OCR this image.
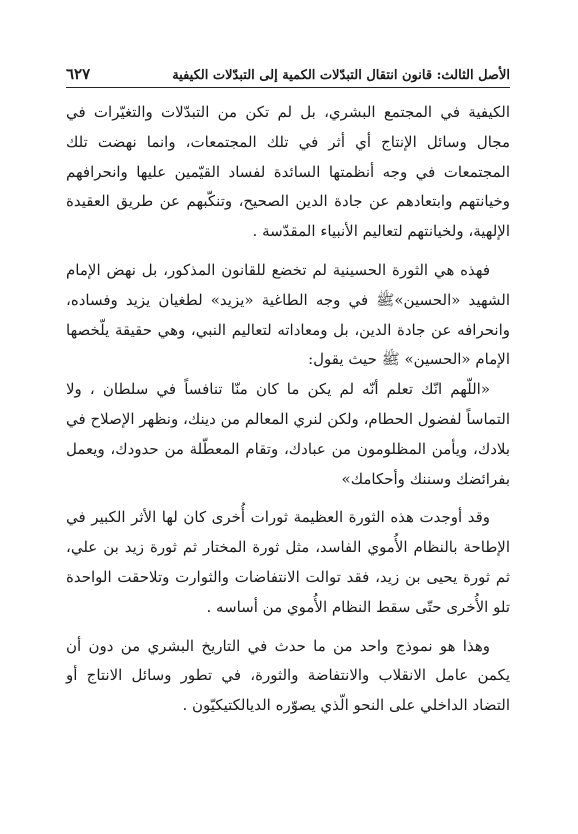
الأصل الثالث: قانون انتقال التبدّلات الكمية إلى التبدّلات الكيفية
٦٢٧

الكيفية في المجتمع البشري، بل لم تكن من التبدّلات والتغيّرات في مجال وسائل الإنتاج أي أثر في تلك المجتمعات، وانما نهضت تلك المجتمعات في وجه أنظمتها السائدة لفساد القيّمين عليها وانحرافهم وخيانتهم وابتعادهم عن جادة الدين الصحيح، وتنكّبهم عن طريق العقيدة الإلهية، ولخيانتهم لتعاليم الأنبياء المقدّسة .

فهذه هي الثورة الحسينية لم تخضع للقانون المذكور، بل نهض الإمام الشهيد «الحسين»ﷺ في وجه الطاغية «يزيد» لطغيان يزيد وفساده، وانحرافه عن جادة الدين، بل ومعاداته لتعاليم النبي، وهي حقيقة يلّخصها الإمام «الحسين» ﷺ حيث يقول:

«اللّهم انّك تعلم أنّه لم يكن ما كان منّا تنافساً في سلطان ، ولا التماساً لفضول الحطام، ولكن لنري المعالم من دينك، ونظهر الإصلاح في بلادك، ويأمن المظلومون من عبادك، وتقام المعطّلة من حدودك، ويعمل بفرائضك وسننك وأحكامك»

وقد أوجدت هذه الثورة العظيمة ثورات أُخرى كان لها الأثر الكبير في الإطاحة بالنظام الأُموي الفاسد، مثل ثورة المختار ثم ثورة زيد بن علي، ثم ثورة يحيى بن زيد، فقد توالت الانتفاضات والثوارت وتلاحقت الواحدة تلو الأُخرى حتّى سقط النظام الأُموي من أساسه .

وهذا هو نموذج واحد من ما حدث في التاريخ البشري من دون أن يكمن عامل الانقلاب والانتفاضة والثورة، في تطور وسائل الانتاج أو التضاد الداخلي على النحو الّذي يصوّره الديالكتيكيّون .
